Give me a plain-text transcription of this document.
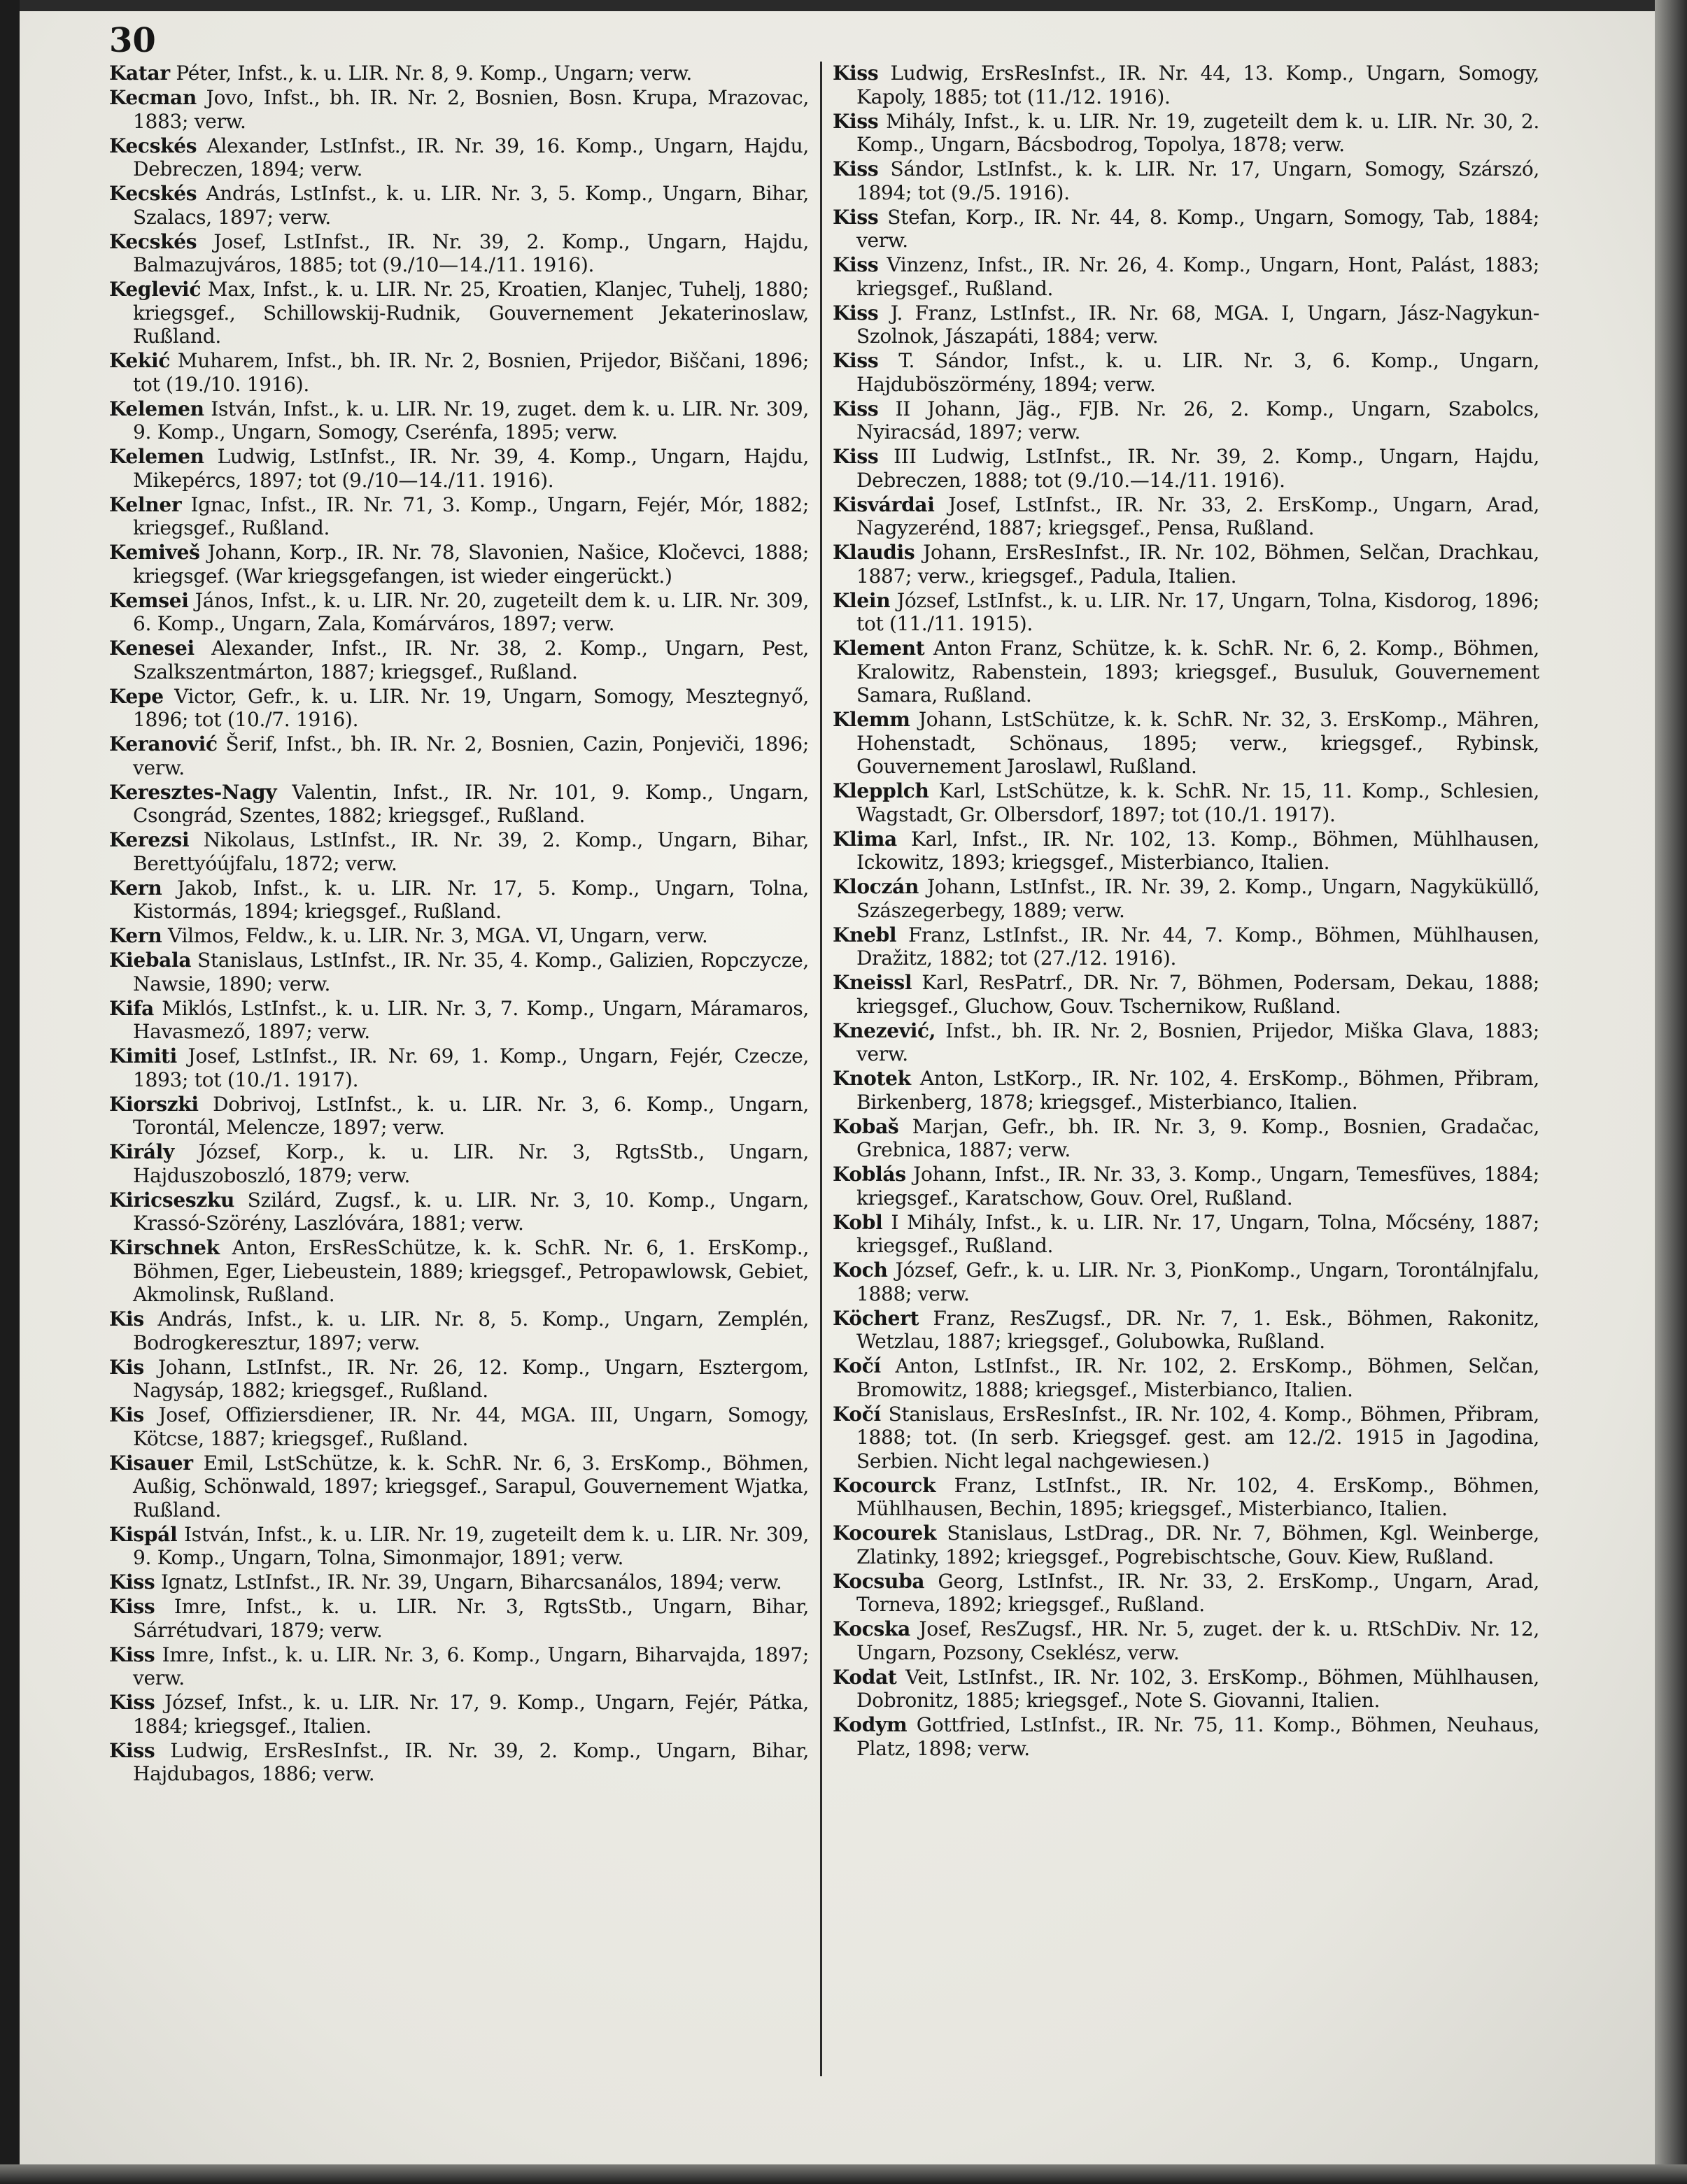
30

Katar Péter, Infst., k. u. LIR. Nr. 8, 9. Komp., Ungarn; verw.

Kecman Jovo, Infst., bh. IR. Nr. 2, Bosnien, Bosn. Krupa, Mrazovac, 1883; verw.

Kecskés Alexander, LstInfst., IR. Nr. 39, 16. Komp., Ungarn, Hajdu, Debreczen, 1894; verw.

Kecskés András, LstInfst., k. u. LIR. Nr. 3, 5. Komp., Ungarn, Bihar, Szalacs, 1897; verw.

Kecskés Josef, LstInfst., IR. Nr. 39, 2. Komp., Ungarn, Hajdu, Balmazujváros, 1885; tot (9./10—14./11. 1916).

Keglević Max, Infst., k. u. LIR. Nr. 25, Kroatien, Klanjec, Tuhelj, 1880; kriegsgef., Schillowskij-Rudnik, Gouvernement Jekaterinoslaw, Rußland.

Kekić Muharem, Infst., bh. IR. Nr. 2, Bosnien, Prijedor, Biščani, 1896; tot (19./10. 1916).

Kelemen István, Infst., k. u. LIR. Nr. 19, zuget. dem k. u. LIR. Nr. 309, 9. Komp., Ungarn, Somogy, Cserénfa, 1895; verw.

Kelemen Ludwig, LstInfst., IR. Nr. 39, 4. Komp., Ungarn, Hajdu, Mikepércs, 1897; tot (9./10—14./11. 1916).

Kelner Ignac, Infst., IR. Nr. 71, 3. Komp., Ungarn, Fejér, Mór, 1882; kriegsgef., Rußland.

Kemiveš Johann, Korp., IR. Nr. 78, Slavonien, Našice, Kločevci, 1888; kriegsgef. (War kriegsgefangen, ist wieder eingerückt.)

Kemsei János, Infst., k. u. LIR. Nr. 20, zugeteilt dem k. u. LIR. Nr. 309, 6. Komp., Ungarn, Zala, Komárváros, 1897; verw.

Kenesei Alexander, Infst., IR. Nr. 38, 2. Komp., Ungarn, Pest, Szalkszentmárton, 1887; kriegsgef., Rußland.

Kepe Victor, Gefr., k. u. LIR. Nr. 19, Ungarn, Somogy, Mesztegnyő, 1896; tot (10./7. 1916).

Keranović Šerif, Infst., bh. IR. Nr. 2, Bosnien, Cazin, Ponjeviči, 1896; verw.

Keresztes-Nagy Valentin, Infst., IR. Nr. 101, 9. Komp., Ungarn, Csongrád, Szentes, 1882; kriegsgef., Rußland.

Kerezsi Nikolaus, LstInfst., IR. Nr. 39, 2. Komp., Ungarn, Bihar, Berettyóújfalu, 1872; verw.

Kern Jakob, Infst., k. u. LIR. Nr. 17, 5. Komp., Ungarn, Tolna, Kistormás, 1894; kriegsgef., Rußland.

Kern Vilmos, Feldw., k. u. LIR. Nr. 3, MGA. VI, Ungarn, verw.

Kiebala Stanislaus, LstInfst., IR. Nr. 35, 4. Komp., Galizien, Ropczycze, Nawsie, 1890; verw.

Kifa Miklós, LstInfst., k. u. LIR. Nr. 3, 7. Komp., Ungarn, Máramaros, Havasmező, 1897; verw.

Kimiti Josef, LstInfst., IR. Nr. 69, 1. Komp., Ungarn, Fejér, Czecze, 1893; tot (10./1. 1917).

Kiorszki Dobrivoj, LstInfst., k. u. LIR. Nr. 3, 6. Komp., Ungarn, Torontál, Melencze, 1897; verw.

Király József, Korp., k. u. LIR. Nr. 3, RgtsStb., Ungarn, Hajduszoboszló, 1879; verw.

Kiricseszku Szilárd, Zugsf., k. u. LIR. Nr. 3, 10. Komp., Ungarn, Krassó-Szörény, Laszlóvára, 1881; verw.

Kirschnek Anton, ErsResSchütze, k. k. SchR. Nr. 6, 1. ErsKomp., Böhmen, Eger, Liebeustein, 1889; kriegsgef., Petropawlowsk, Gebiet, Akmolinsk, Rußland.

Kis András, Infst., k. u. LIR. Nr. 8, 5. Komp., Ungarn, Zemplén, Bodrogkeresztur, 1897; verw.

Kis Johann, LstInfst., IR. Nr. 26, 12. Komp., Ungarn, Esztergom, Nagysáp, 1882; kriegsgef., Rußland.

Kis Josef, Offiziersdiener, IR. Nr. 44, MGA. III, Ungarn, Somogy, Kötcse, 1887; kriegsgef., Rußland.

Kisauer Emil, LstSchütze, k. k. SchR. Nr. 6, 3. ErsKomp., Böhmen, Außig, Schönwald, 1897; kriegsgef., Sarapul, Gouvernement Wjatka, Rußland.

Kispál István, Infst., k. u. LIR. Nr. 19, zugeteilt dem k. u. LIR. Nr. 309, 9. Komp., Ungarn, Tolna, Simonmajor, 1891; verw.

Kiss Ignatz, LstInfst., IR. Nr. 39, Ungarn, Biharcsanálos, 1894; verw.

Kiss Imre, Infst., k. u. LIR. Nr. 3, RgtsStb., Ungarn, Bihar, Sárrétudvari, 1879; verw.

Kiss Imre, Infst., k. u. LIR. Nr. 3, 6. Komp., Ungarn, Biharvajda, 1897; verw.

Kiss József, Infst., k. u. LIR. Nr. 17, 9. Komp., Ungarn, Fejér, Pátka, 1884; kriegsgef., Italien.

Kiss Ludwig, ErsResInfst., IR. Nr. 39, 2. Komp., Ungarn, Bihar, Hajdubagos, 1886; verw.

Kiss Ludwig, ErsResInfst., IR. Nr. 44, 13. Komp., Ungarn, Somogy, Kapoly, 1885; tot (11./12. 1916).

Kiss Mihály, Infst., k. u. LIR. Nr. 19, zugeteilt dem k. u. LIR. Nr. 30, 2. Komp., Ungarn, Bácsbodrog, Topolya, 1878; verw.

Kiss Sándor, LstInfst., k. k. LIR. Nr. 17, Ungarn, Somogy, Szárszó, 1894; tot (9./5. 1916).

Kiss Stefan, Korp., IR. Nr. 44, 8. Komp., Ungarn, Somogy, Tab, 1884; verw.

Kiss Vinzenz, Infst., IR. Nr. 26, 4. Komp., Ungarn, Hont, Palást, 1883; kriegsgef., Rußland.

Kiss J. Franz, LstInfst., IR. Nr. 68, MGA. I, Ungarn, Jász-Nagykun-Szolnok, Jászapáti, 1884; verw.

Kiss T. Sándor, Infst., k. u. LIR. Nr. 3, 6. Komp., Ungarn, Hajduböszörmény, 1894; verw.

Kiss II Johann, Jäg., FJB. Nr. 26, 2. Komp., Ungarn, Szabolcs, Nyiracsád, 1897; verw.

Kiss III Ludwig, LstInfst., IR. Nr. 39, 2. Komp., Ungarn, Hajdu, Debreczen, 1888; tot (9./10.—14./11. 1916).

Kisvárdai Josef, LstInfst., IR. Nr. 33, 2. ErsKomp., Ungarn, Arad, Nagyzerénd, 1887; kriegsgef., Pensa, Rußland.

Klaudis Johann, ErsResInfst., IR. Nr. 102, Böhmen, Selčan, Drachkau, 1887; verw., kriegsgef., Padula, Italien.

Klein József, LstInfst., k. u. LIR. Nr. 17, Ungarn, Tolna, Kisdorog, 1896; tot (11./11. 1915).

Klement Anton Franz, Schütze, k. k. SchR. Nr. 6, 2. Komp., Böhmen, Kralowitz, Rabenstein, 1893; kriegsgef., Busuluk, Gouvernement Samara, Rußland.

Klemm Johann, LstSchütze, k. k. SchR. Nr. 32, 3. ErsKomp., Mähren, Hohenstadt, Schönaus, 1895; verw., kriegsgef., Rybinsk, Gouvernement Jaroslawl, Rußland.

Klepplch Karl, LstSchütze, k. k. SchR. Nr. 15, 11. Komp., Schlesien, Wagstadt, Gr. Olbersdorf, 1897; tot (10./1. 1917).

Klima Karl, Infst., IR. Nr. 102, 13. Komp., Böhmen, Mühlhausen, Ickowitz, 1893; kriegsgef., Misterbianco, Italien.

Kloczán Johann, LstInfst., IR. Nr. 39, 2. Komp., Ungarn, Nagyküküllő, Szászegerbegy, 1889; verw.

Knebl Franz, LstInfst., IR. Nr. 44, 7. Komp., Böhmen, Mühlhausen, Dražitz, 1882; tot (27./12. 1916).

Kneissl Karl, ResPatrf., DR. Nr. 7, Böhmen, Podersam, Dekau, 1888; kriegsgef., Gluchow, Gouv. Tschernikow, Rußland.

Knezević, Infst., bh. IR. Nr. 2, Bosnien, Prijedor, Miška Glava, 1883; verw.

Knotek Anton, LstKorp., IR. Nr. 102, 4. ErsKomp., Böhmen, Přibram, Birkenberg, 1878; kriegsgef., Misterbianco, Italien.

Kobaš Marjan, Gefr., bh. IR. Nr. 3, 9. Komp., Bosnien, Gradačac, Grebnica, 1887; verw.

Koblás Johann, Infst., IR. Nr. 33, 3. Komp., Ungarn, Temesfüves, 1884; kriegsgef., Karatschow, Gouv. Orel, Rußland.

Kobl I Mihály, Infst., k. u. LIR. Nr. 17, Ungarn, Tolna, Mőcsény, 1887; kriegsgef., Rußland.

Koch József, Gefr., k. u. LIR. Nr. 3, PionKomp., Ungarn, Torontálnjfalu, 1888; verw.

Köchert Franz, ResZugsf., DR. Nr. 7, 1. Esk., Böhmen, Rakonitz, Wetzlau, 1887; kriegsgef., Golubowka, Rußland.

Kočí Anton, LstInfst., IR. Nr. 102, 2. ErsKomp., Böhmen, Selčan, Bromowitz, 1888; kriegsgef., Misterbianco, Italien.

Kočí Stanislaus, ErsResInfst., IR. Nr. 102, 4. Komp., Böhmen, Přibram, 1888; tot. (In serb. Kriegsgef. gest. am 12./2. 1915 in Jagodina, Serbien. Nicht legal nachgewiesen.)

Kocourck Franz, LstInfst., IR. Nr. 102, 4. ErsKomp., Böhmen, Mühlhausen, Bechin, 1895; kriegsgef., Misterbianco, Italien.

Kocourek Stanislaus, LstDrag., DR. Nr. 7, Böhmen, Kgl. Weinberge, Zlatinky, 1892; kriegsgef., Pogrebischtsche, Gouv. Kiew, Rußland.

Kocsuba Georg, LstInfst., IR. Nr. 33, 2. ErsKomp., Ungarn, Arad, Torneva, 1892; kriegsgef., Rußland.

Kocska Josef, ResZugsf., HR. Nr. 5, zuget. der k. u. RtSchDiv. Nr. 12, Ungarn, Pozsony, Cseklész, verw.

Kodat Veit, LstInfst., IR. Nr. 102, 3. ErsKomp., Böhmen, Mühlhausen, Dobronitz, 1885; kriegsgef., Note S. Giovanni, Italien.

Kodym Gottfried, LstInfst., IR. Nr. 75, 11. Komp., Böhmen, Neuhaus, Platz, 1898; verw.
